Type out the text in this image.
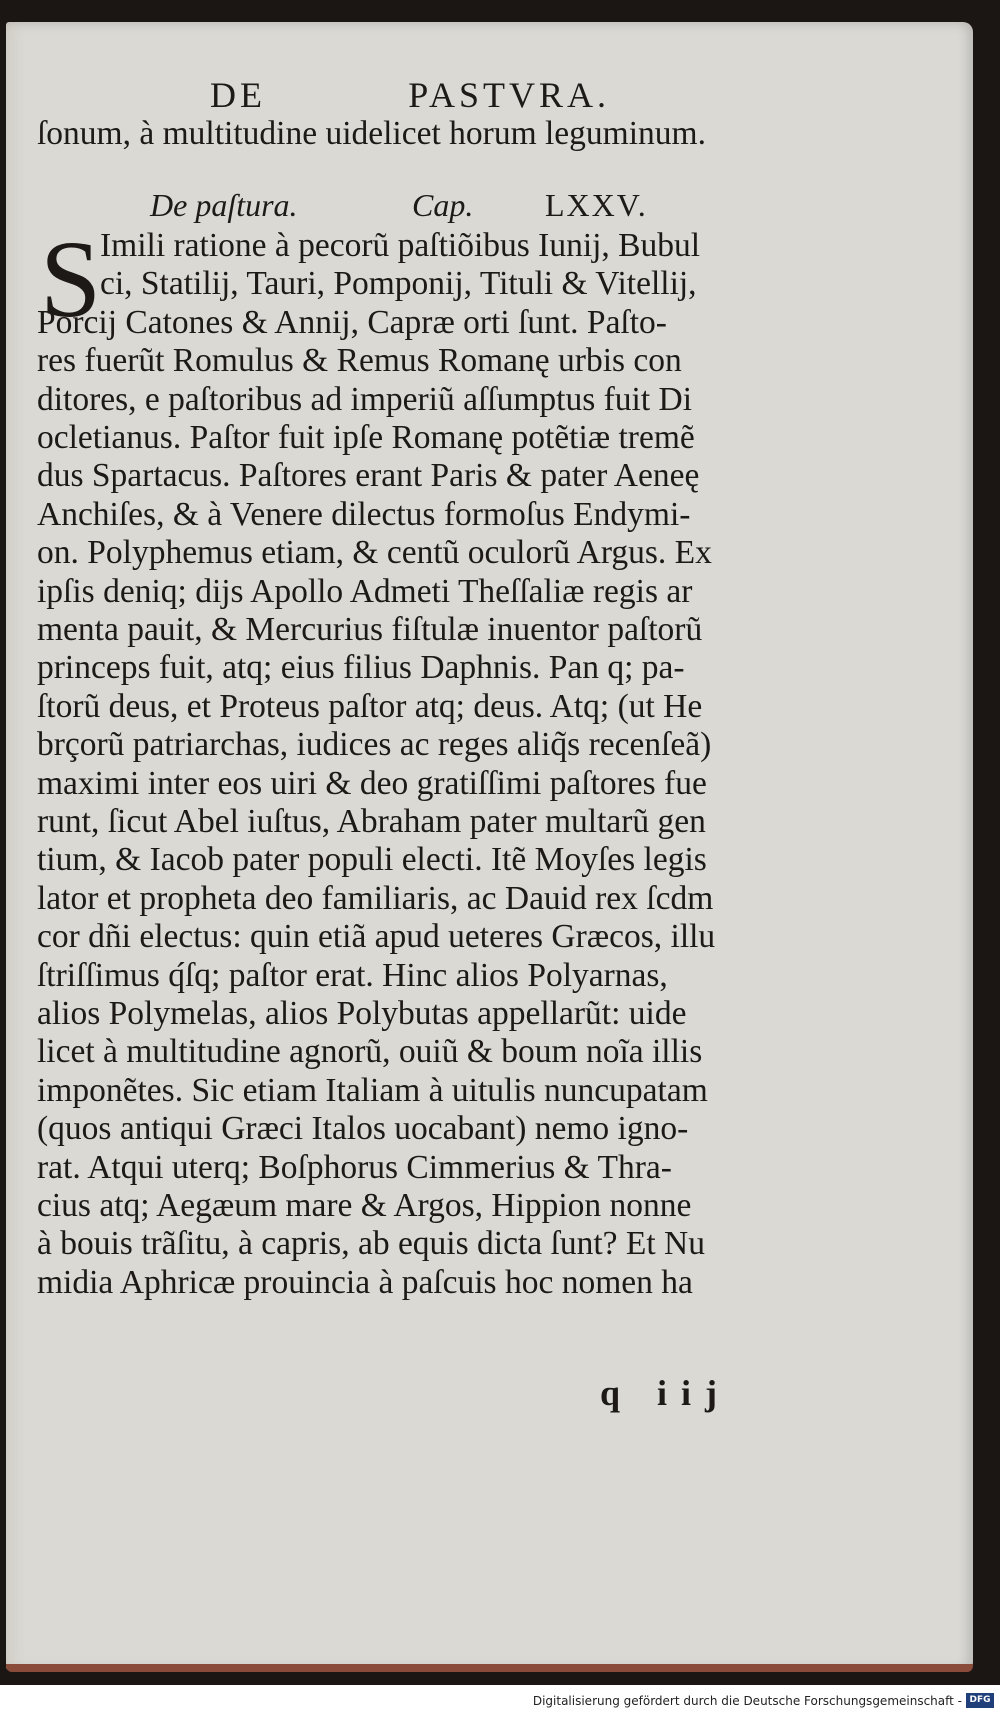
DE	PASTVRA.
ſonum, à multitudine uidelicet horum leguminum.
De paſtura.	Cap. LXXV.
S
Imili ratione à pecorũ paſtiõibus Iunij, Bubul
ci, Statilij, Tauri, Pomponij, Tituli & Vitellij,
Porcij Catones & Annij, Capræ orti ſunt. Paſto-
res fuerũt Romulus & Remus Romanę urbis con
ditores, e paſtoribus ad imperiũ aſſumptus fuit Di
ocletianus. Paſtor fuit ipſe Romanę potẽtiæ tremẽ
dus Spartacus. Paſtores erant Paris & pater Aeneę
Anchiſes, & à Venere dilectus formoſus Endymi-
on. Polyphemus etiam, & centũ oculorũ Argus. Ex
ipſis deniq; dijs Apollo Admeti Theſſaliæ regis ar
menta pauit, & Mercurius fiſtulæ inuentor paſtorũ
princeps fuit, atq; eius filius Daphnis. Pan q; pa-
ſtorũ deus, et Proteus paſtor atq; deus. Atq; (ut He
brçorũ patriarchas, iudices ac reges aliq̃s recenſeã)
maximi inter eos uiri & deo gratiſſimi paſtores fue
runt, ſicut Abel iuſtus, Abraham pater multarũ gen
tium, & Iacob pater populi electi. Itẽ Moyſes legis
lator et propheta deo familiaris, ac Dauid rex ſcdm
cor dñi electus: quin etiã apud ueteres Græcos, illu
ſtriſſimus q́ſq; paſtor erat. Hinc alios Polyarnas,
alios Polymelas, alios Polybutas appellarũt: uide
licet à multitudine agnorũ, ouiũ & boum noĩa illis
imponẽtes. Sic etiam Italiam à uitulis nuncupatam
(quos antiqui Græci Italos uocabant) nemo igno-
rat. Atqui uterq; Boſphorus Cimmerius & Thra-
cius atq; Aegæum mare & Argos, Hippion nonne
à bouis trãſitu, à capris, ab equis dicta ſunt? Et Nu
midia Aphricæ prouincia à paſcuis hoc nomen ha
q iij
Digitalisierung gefördert durch die Deutsche Forschungsgemeinschaft - DFG
